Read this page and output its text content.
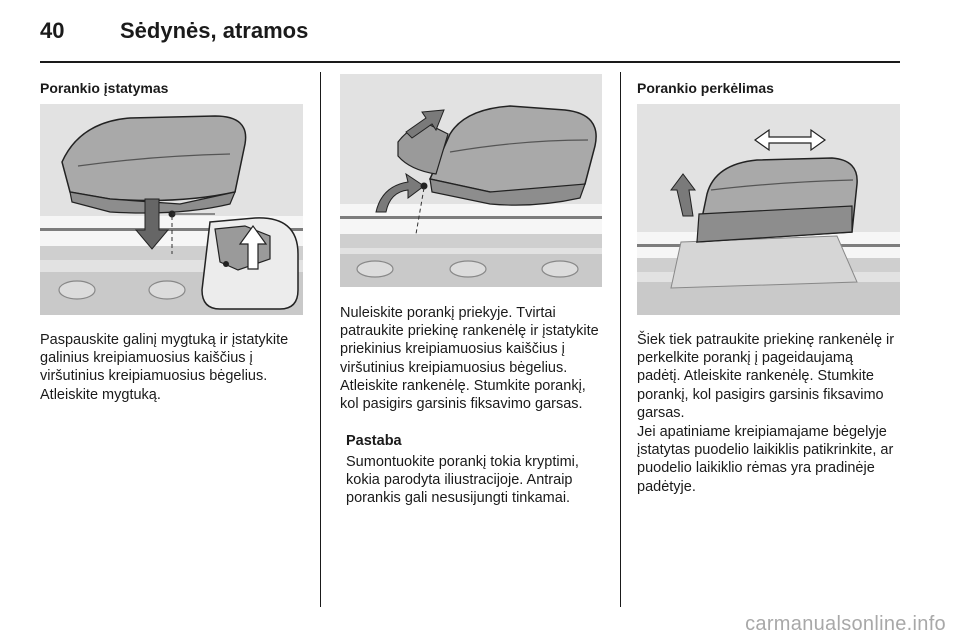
40	Sėdynės, atramos
Porankio įstatymas

Paspauskite galinį mygtuką ir įstatykite galinius kreipiamuosius kaiščius į viršutinius kreipiamuosius bėgelius. Atleiskite mygtuką.

Nuleiskite porankį priekyje. Tvirtai patraukite priekinę rankenėlę ir įstatykite priekinius kreipiamuosius kaiščius į viršutinius kreipiamuosius bėgelius. Atleiskite rankenėlę. Stumkite porankį, kol pasigirs garsinis fiksavimo garsas.

Pastaba

Sumontuokite porankį tokia kryptimi, kokia parodyta iliustracijoje. Antraip porankis gali nesusijungti tinkamai.

Porankio perkėlimas

Šiek tiek patraukite priekinę rankenėlę ir perkelkite porankį į pageidaujamą padėtį. Atleiskite rankenėlę. Stumkite porankį, kol pasigirs garsinis fiksavimo garsas.

Jei apatiniame kreipiamajame bėgelyje įstatytas puodelio laikiklis patikrinkite, ar puodelio laikiklio rėmas yra pradinėje padėtyje.

carmanualsonline.info
